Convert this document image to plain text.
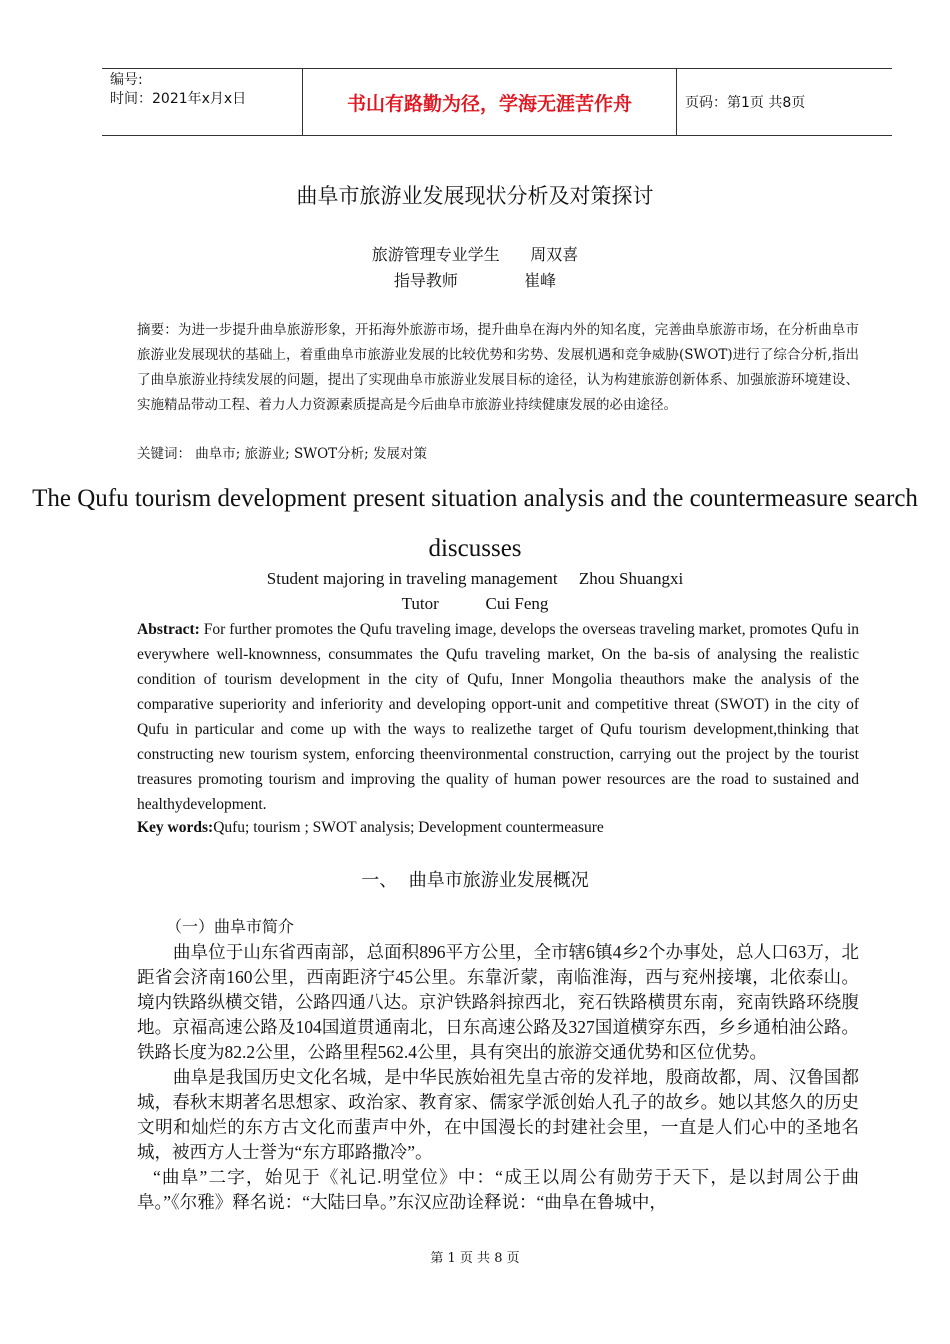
编号:
时间：2021年x月x日	书山有路勤为径，学海无涯苦作舟	页码：第1页 共8页
曲阜市旅游业发展现状分析及对策探讨
旅游管理专业学生 周双喜
指导教师	崔峰
摘要：为进一步提升曲阜旅游形象，开拓海外旅游市场，提升曲阜在海内外的知名度，完善曲阜旅游市场，在分析曲阜市旅游业发展现状的基础上，着重曲阜市旅游业发展的比较优势和劣势、发展机遇和竞争威胁(SWOT)进行了综合分析,指出了曲阜旅游业持续发展的问题，提出了实现曲阜市旅游业发展目标的途径，认为构建旅游创新体系、加强旅游环境建设、实施精品带动工程、着力人力资源素质提高是今后曲阜市旅游业持续健康发展的必由途径。
关键词： 曲阜市; 旅游业; SWOT分析; 发展对策
The Qufu tourism development present situation analysis and the countermeasure search discusses
Student majoring in traveling management Zhou Shuangxi
Tutor	Cui Feng
Abstract: For further promotes the Qufu traveling image, develops the overseas traveling market, promotes Qufu in everywhere well-knownness, consummates the Qufu traveling market, On the ba-sis of analysing the realistic condition of tourism development in the city of Qufu, Inner Mongolia theauthors make the analysis of the comparative superiority and inferiority and developing opport-unit and competitive threat (SWOT) in the city of Qufu in particular and come up with the ways to realizethe target of Qufu tourism development,thinking that constructing new tourism system, enforcing theenvironmental construction, carrying out the project by the tourist treasures promoting tourism and improving the quality of human power resources are the road to sustained and healthydevelopment.
Key words:Qufu; tourism ; SWOT analysis; Development countermeasure
一、  曲阜市旅游业发展概况
（一）曲阜市简介

曲阜位于山东省西南部，总面积896平方公里，全市辖6镇4乡2个办事处，总人口63万，北距省会济南160公里，西南距济宁45公里。东靠沂蒙，南临淮海，西与兖州接壤，北依泰山。境内铁路纵横交错，公路四通八达。京沪铁路斜掠西北，兖石铁路横贯东南，兖南铁路环绕腹地。京福高速公路及104国道贯通南北，日东高速公路及327国道横穿东西，乡乡通柏油公路。铁路长度为82.2公里，公路里程562.4公里，具有突出的旅游交通优势和区位优势。

曲阜是我国历史文化名城，是中华民族始祖先皇古帝的发祥地，殷商故都，周、汉鲁国都城，春秋末期著名思想家、政治家、教育家、儒家学派创始人孔子的故乡。她以其悠久的历史文明和灿烂的东方古文化而蜚声中外，在中国漫长的封建社会里，一直是人们心中的圣地名城，被西方人士誉为“东方耶路撒冷”。

“曲阜”二字，始见于《礼记.明堂位》中：“成王以周公有勋劳于天下，是以封周公于曲阜。”《尔雅》释名说：“大陆曰阜。”东汉应劭诠释说：“曲阜在鲁城中，

第 1 页 共 8 页
